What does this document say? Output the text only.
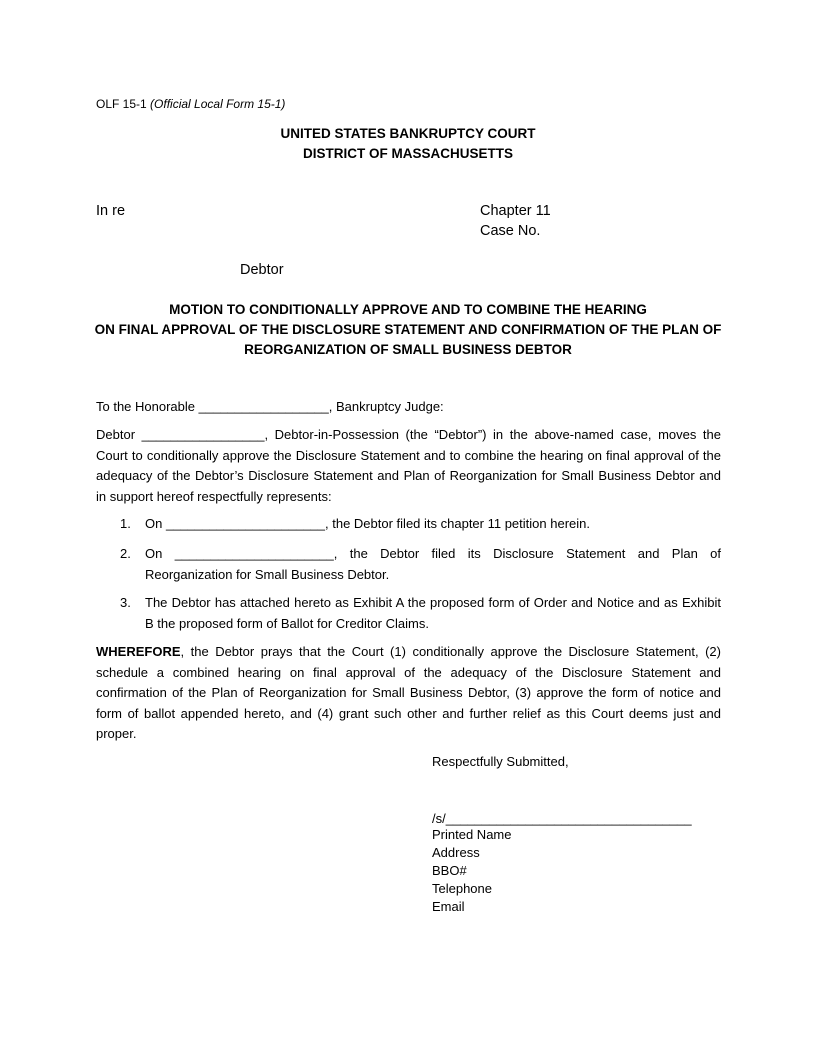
OLF 15-1 (Official Local Form 15-1)
UNITED STATES BANKRUPTCY COURT
DISTRICT OF MASSACHUSETTS
In re	Chapter 11
Case No.
Debtor
MOTION TO CONDITIONALLY APPROVE AND TO COMBINE THE HEARING
ON FINAL APPROVAL OF THE DISCLOSURE STATEMENT AND CONFIRMATION OF THE PLAN OF
REORGANIZATION OF SMALL BUSINESS DEBTOR
To the Honorable __________________, Bankruptcy Judge:
Debtor _________________, Debtor-in-Possession (the “Debtor”) in the above-named case, moves the Court to conditionally approve the Disclosure Statement and to combine the hearing on final approval of the adequacy of the Debtor’s Disclosure Statement and Plan of Reorganization for Small Business Debtor and in support hereof respectfully represents:
1.	On ______________________, the Debtor filed its chapter 11 petition herein.
2.	On ______________________, the Debtor filed its Disclosure Statement and Plan of Reorganization for Small Business Debtor.
3.	The Debtor has attached hereto as Exhibit A the proposed form of Order and Notice and as Exhibit B the proposed form of Ballot for Creditor Claims.
WHEREFORE, the Debtor prays that the Court (1) conditionally approve the Disclosure Statement, (2) schedule a combined hearing on final approval of the adequacy of the Disclosure Statement and confirmation of the Plan of Reorganization for Small Business Debtor, (3) approve the form of notice and form of ballot appended hereto, and (4) grant such other and further relief as this Court deems just and proper.
Respectfully Submitted,
/s/__________________________________
Printed Name
Address
BBO#
Telephone
Email
